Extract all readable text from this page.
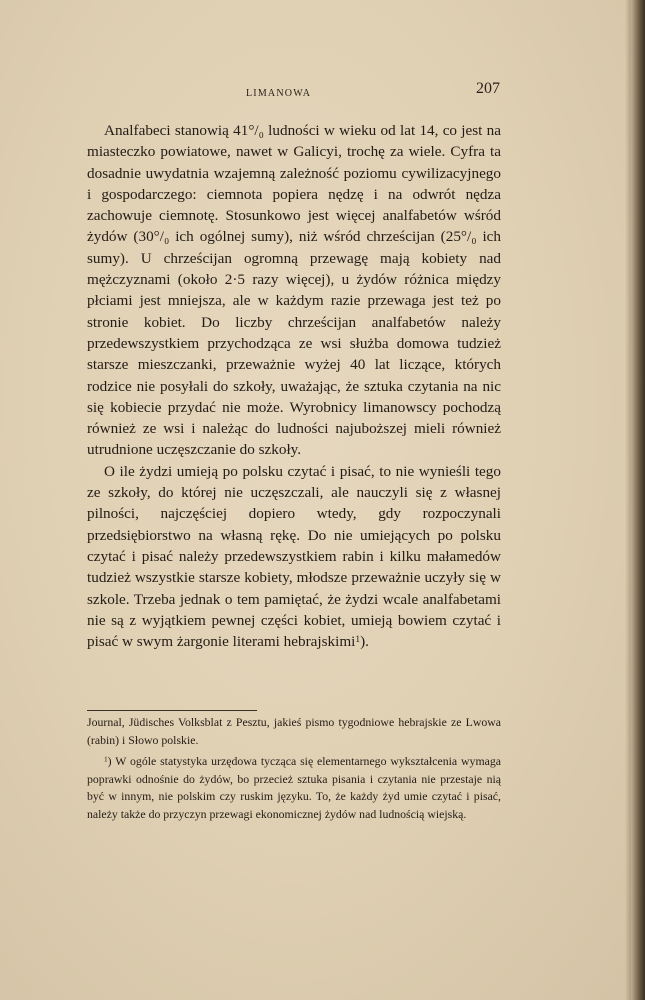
LIMANOWA	207

Analfabeci stanowią 41°/₀ ludności w wieku od lat 14, co jest na miasteczko powiatowe, nawet w Galicyi, trochę za wiele. Cyfra ta dosadnie uwydatnia wzajemną zależność poziomu cywilizacyjnego i gospodarczego: ciemnota popiera nędzę i na odwrót nędza zachowuje ciemnotę. Stosunkowo jest więcej analfabetów wśród żydów (30°/₀ ich ogólnej sumy), niż wśród chrześcijan (25°/₀ ich sumy). U chrześcijan ogromną przewagę mają kobiety nad mężczyznami (około 2·5 razy więcej), u żydów różnica między płciami jest mniejsza, ale w każdym razie przewaga jest też po stronie kobiet. Do liczby chrześcijan analfabetów należy przedewszystkiem przychodząca ze wsi służba domowa tudzież starsze mieszczanki, przeważnie wyżej 40 lat liczące, których rodzice nie posyłali do szkoły, uważając, że sztuka czytania na nic się kobiecie przydać nie może. Wyrobnicy limanowscy pochodzą również ze wsi i należąc do ludności najuboższej mieli również utrudnione uczęszczanie do szkoły.

O ile żydzi umieją po polsku czytać i pisać, to nie wynieśli tego ze szkoły, do której nie uczęszczali, ale nauczyli się z własnej pilności, najczęściej dopiero wtedy, gdy rozpoczynali przedsiębiorstwo na własną rękę. Do nie umiejących po polsku czytać i pisać należy przedewszystkiem rabin i kilku małamedów tudzież wszystkie starsze kobiety, młodsze przeważnie uczyły się w szkole. Trzeba jednak o tem pamiętać, że żydzi wcale analfabetami nie są z wyjątkiem pewnej części kobiet, umieją bowiem czytać i pisać w swym żargonie literami hebrajskimi$^1$).

Journal, Jüdisches Volksblat z Pesztu, jakieś pismo tygodniowe hebrajskie ze Lwowa (rabin) i Słowo polskie.

$^1$) W ogóle statystyka urzędowa tycząca się elementarnego wykształcenia wymaga poprawki odnośnie do żydów, bo przecież sztuka pisania i czytania nie przestaje nią być w innym, nie polskim czy ruskim języku. To, że każdy żyd umie czytać i pisać, należy także do przyczyn przewagi ekonomicznej żydów nad ludnością wiejską.
